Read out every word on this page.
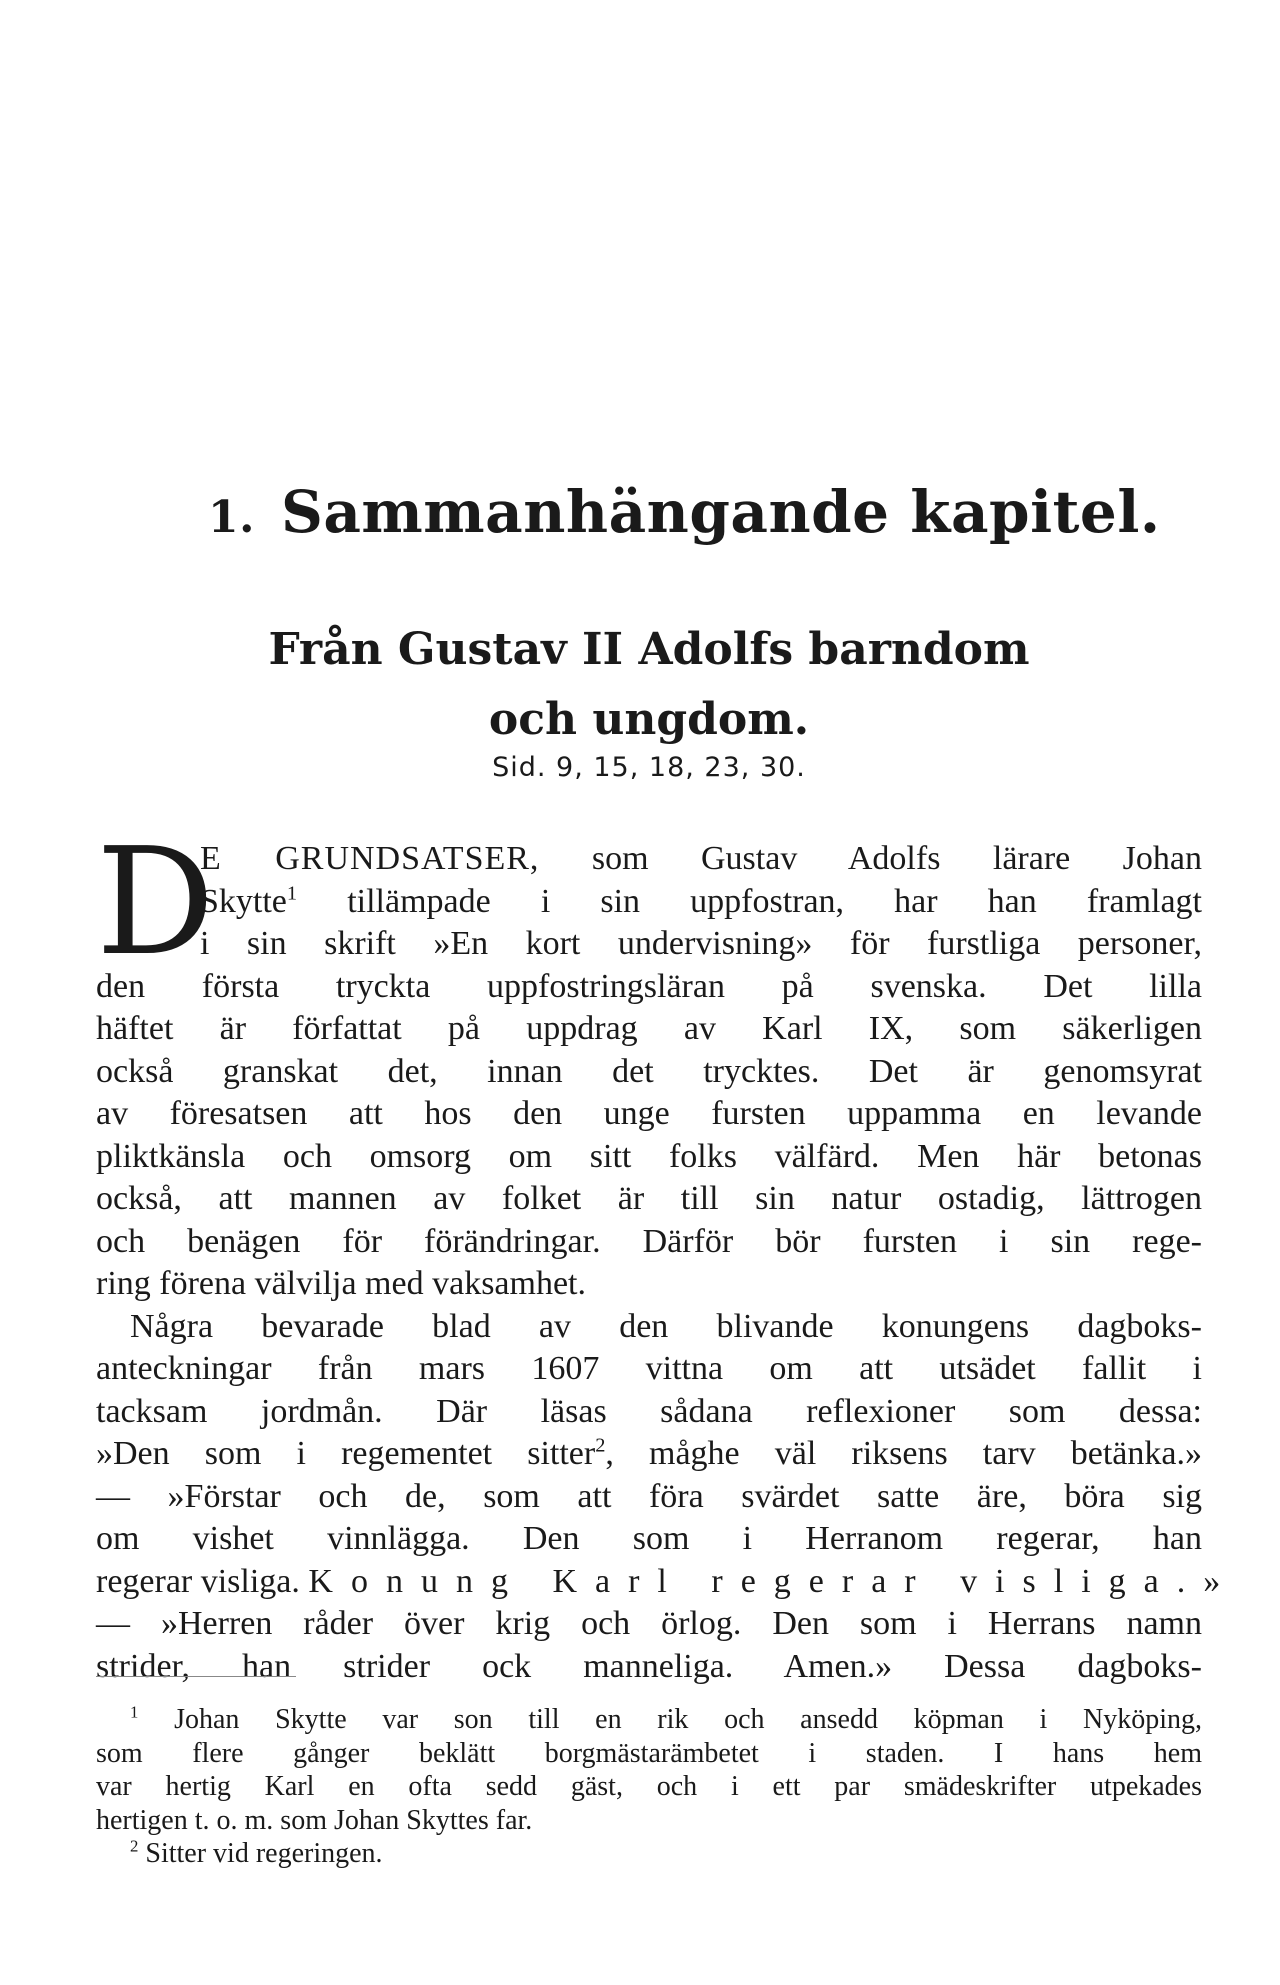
1. Sammanhängande kapitel.
Från Gustav II Adolfs barndom
och ungdom.
Sid. 9, 15, 18, 23, 30.
D
E GRUNDSATSER, som Gustav Adolfs lärare Johan
Skytte$^1$ tillämpade i sin uppfostran, har han framlagt
i sin skrift »En kort undervisning» för furstliga personer,
den första tryckta uppfostringsläran på svenska. Det lilla
häftet är författat på uppdrag av Karl IX, som säkerligen
också granskat det, innan det trycktes. Det är genomsyrat
av föresatsen att hos den unge fursten uppamma en levande
pliktkänsla och omsorg om sitt folks välfärd. Men här betonas
också, att mannen av folket är till sin natur ostadig, lättrogen
och benägen för förändringar. Därför bör fursten i sin rege-
ring förena välvilja med vaksamhet.
Några bevarade blad av den blivande konungens dagboks-
anteckningar från mars 1607 vittna om att utsädet fallit i
tacksam jordmån. Där läsas sådana reflexioner som dessa:
»Den som i regementet sitter$^2$, måghe väl riksens tarv betänka.»
— »Förstar och de, som att föra svärdet satte äre, böra sig
om vishet vinnlägga. Den som i Herranom regerar, han
regerar visliga. Konung Karl regerar visliga.»
— »Herren råder över krig och örlog. Den som i Herrans namn
strider, han strider ock manneliga. Amen.» Dessa dagboks-
$^1$ Johan Skytte var son till en rik och ansedd köpman i Nyköping,
som flere gånger beklätt borgmästarämbetet i staden. I hans hem
var hertig Karl en ofta sedd gäst, och i ett par smädeskrifter utpekades
hertigen t. o. m. som Johan Skyttes far.
$^2$ Sitter vid regeringen.
